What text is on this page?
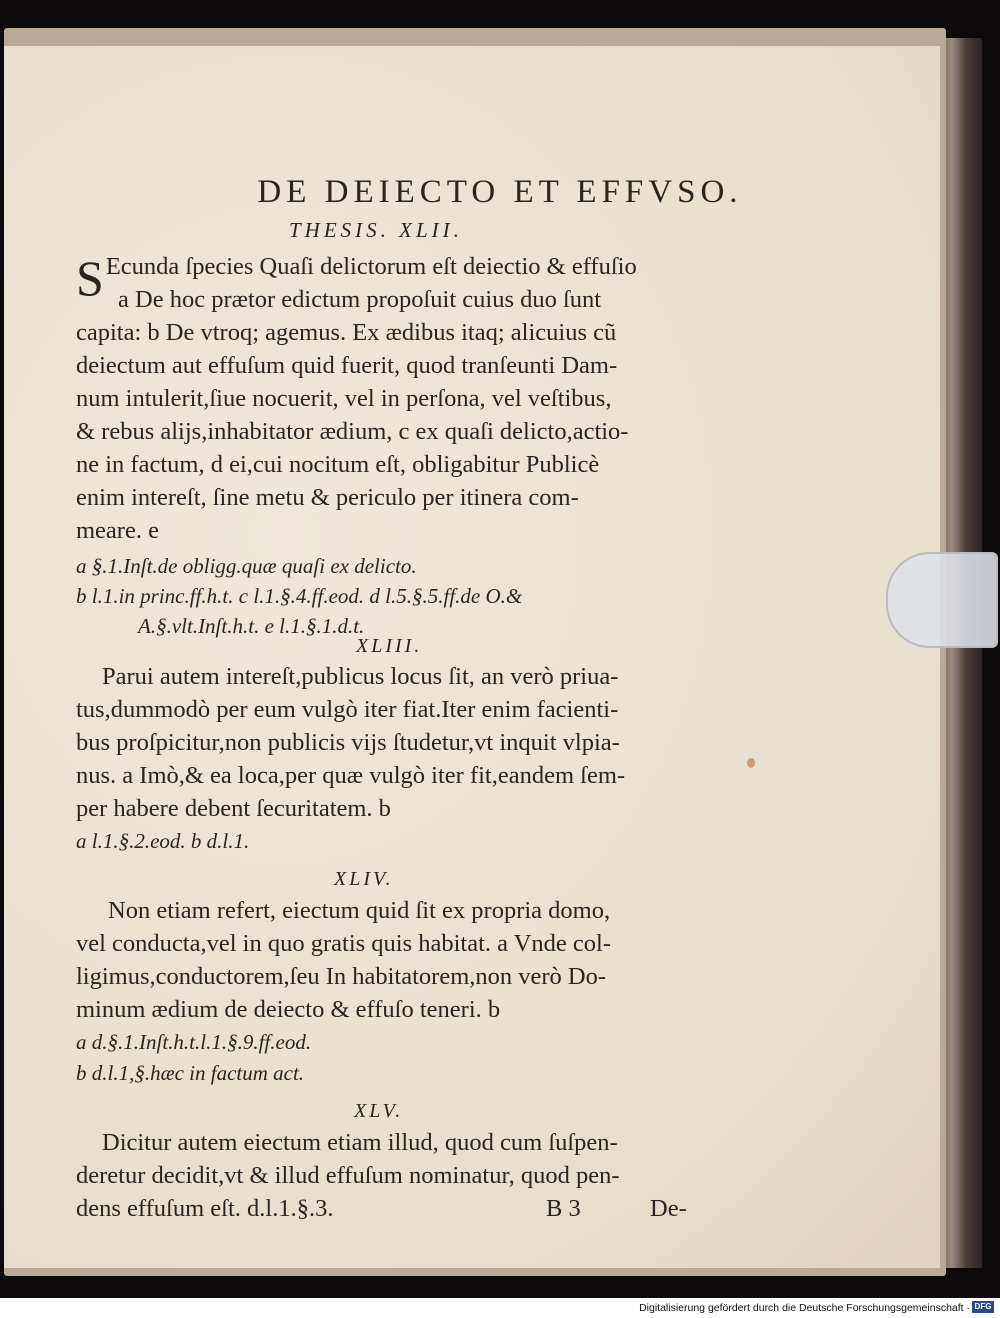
DE DEIECTO ET EFFVSO.
THESIS. XLII.
S Ecunda ſpecies Quaſi delictorum eſt deiectio & effuſio
a De hoc prætor edictum propoſuit cuius duo ſunt
capita: b De vtroq; agemus. Ex ædibus itaq; alicuius cũ
deiectum aut effuſum quid fuerit, quod tranſeunti Dam-
num intulerit,ſiue nocuerit, vel in perſona, vel veſtibus,
& rebus alijs,inhabitator ædium, c ex quaſi delicto,actio-
ne in factum, d ei,cui nocitum eſt, obligabitur Publicè
enim intereſt, ſine metu & periculo per itinera com-
meare. e
a §.1.Inſt.de obligg.quæ quaſi ex delicto.
b l.1.in princ.ff.h.t. c l.1.§.4.ff.eod. d l.5.§.5.ff.de O.&
A.§.vlt.Inſt.h.t. e l.1.§.1.d.t.
XLIII.
Parui autem intereſt,publicus locus ſit, an verò priua-
tus,dummodò per eum vulgò iter fiat.Iter enim facienti-
bus proſpicitur,non publicis vijs ſtudetur,vt inquit vlpia-
nus. a Imò,& ea loca,per quæ vulgò iter fit,eandem ſem-
per habere debent ſecuritatem. b
a l.1.§.2.eod. b d.l.1.
XLIV.
Non etiam refert, eiectum quid ſit ex propria domo,
vel conducta,vel in quo gratis quis habitat. a Vnde col-
ligimus,conductorem,ſeu In habitatorem,non verò Do-
minum ædium de deiecto & effuſo teneri. b
a d.§.1.Inſt.h.t.l.1.§.9.ff.eod.
b d.l.1,§.hæc in factum act.
XLV.
Dicitur autem eiectum etiam illud, quod cum ſuſpen-
deretur decidit,vt & illud effuſum nominatur, quod pen-
dens effuſum eſt. d.l.1.§.3.	B 3	De-
Digitalisierung gefördert durch die Deutsche Forschungsgemeinschaft · DFG
